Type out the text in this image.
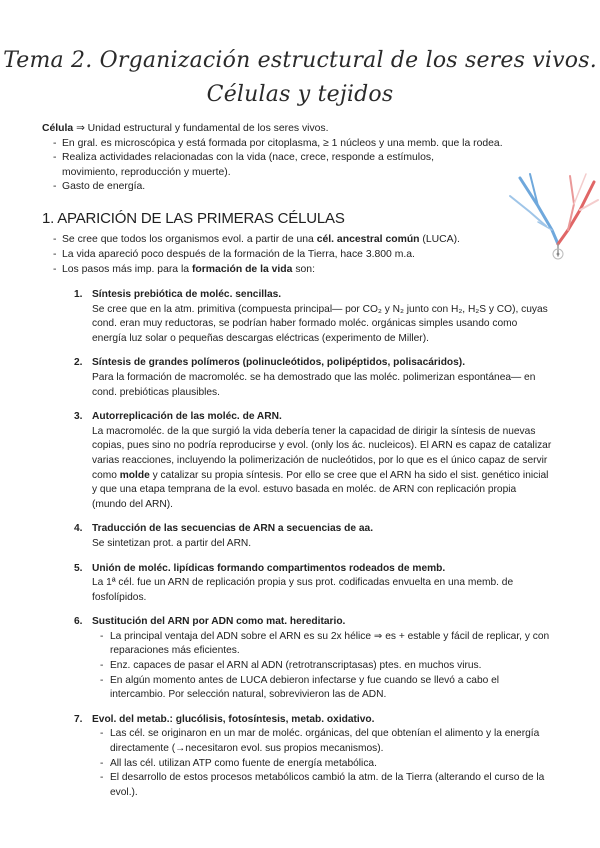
Tema 2. Organización estructural de los seres vivos.
Células y tejidos
Célula ⇒ Unidad estructural y fundamental de los seres vivos.
- En gral. es microscópica y está formada por citoplasma, ≥ 1 núcleos y una memb. que la rodea.
- Realiza actividades relacionadas con la vida (nace, crece, responde a estímulos, movimiento, reproducción y muerte).
- Gasto de energía.
1. APARICIÓN DE LAS PRIMERAS CÉLULAS
- Se cree que todos los organismos evol. a partir de una cél. ancestral común (LUCA).
- La vida apareció poco después de la formación de la Tierra, hace 3.800 m.a.
- Los pasos más imp. para la formación de la vida son:
1. Síntesis prebiótica de moléc. sencillas.

Se cree que en la atm. primitiva (compuesta principal— por CO₂ y N₂ junto con H₂, H₂S y CO), cuyas cond. eran muy reductoras, se podrían haber formado moléc. orgánicas simples usando como energía luz solar o pequeñas descargas eléctricas (experimento de Miller).

2. Síntesis de grandes polímeros (polinucleótidos, polipéptidos, polisacáridos).

Para la formación de macromoléc. se ha demostrado que las moléc. polimerizan espontánea— en cond. prebióticas plausibles.

3. Autorreplicación de las moléc. de ARN.

La macromoléc. de la que surgió la vida debería tener la capacidad de dirigir la síntesis de nuevas copias, pues sino no podría reproducirse y evol. (only los ác. nucleicos). El ARN es capaz de catalizar varias reacciones, incluyendo la polimerización de nucleótidos, por lo que es el único capaz de servir como molde y catalizar su propia síntesis. Por ello se cree que el ARN ha sido el sist. genético inicial y que una etapa temprana de la evol. estuvo basada en moléc. de ARN con replicación propia (mundo del ARN).

4. Traducción de las secuencias de ARN a secuencias de aa.

Se sintetizan prot. a partir del ARN.

5. Unión de moléc. lipídicas formando compartimentos rodeados de memb.

La 1ª cél. fue un ARN de replicación propia y sus prot. codificadas envuelta en una memb. de fosfolípidos.

6. Sustitución del ARN por ADN como mat. hereditario.
- La principal ventaja del ADN sobre el ARN es su 2x hélice ⇒ es + estable y fácil de replicar, y con reparaciones más eficientes.
- Enz. capaces de pasar el ARN al ADN (retrotranscriptasas) ptes. en muchos virus.
- En algún momento antes de LUCA debieron infectarse y fue cuando se llevó a cabo el intercambio. Por selección natural, sobrevivieron las de ADN.
7. Evol. del metab.: glucólisis, fotosíntesis, metab. oxidativo.
- Las cél. se originaron en un mar de moléc. orgánicas, del que obtenían el alimento y la energía directamente (→necesitaron evol. sus propios mecanismos).
- All las cél. utilizan ATP como fuente de energía metabólica.
- El desarrollo de estos procesos metabólicos cambió la atm. de la Tierra (alterando el curso de la evol.).
